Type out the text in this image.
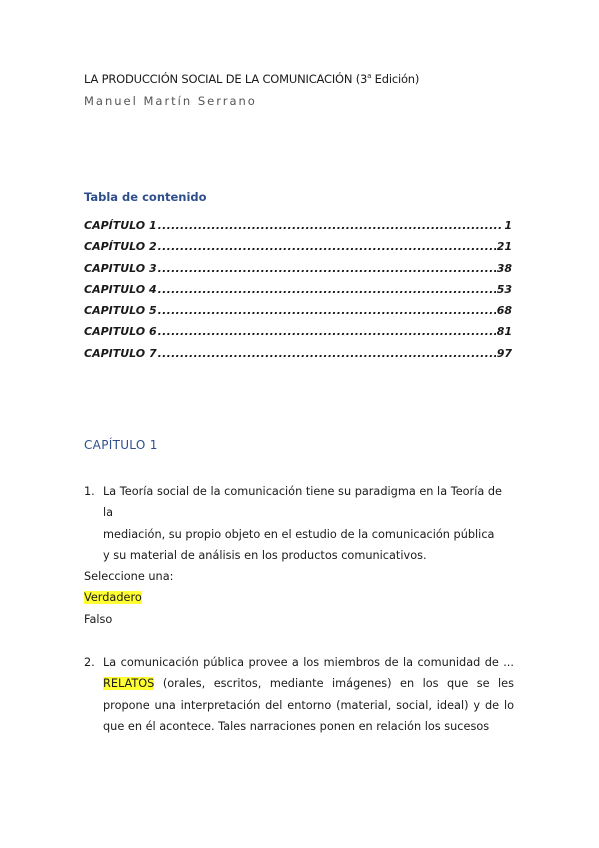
LA PRODUCCIÓN SOCIAL DE LA COMUNICACIÓN (3$^a$ Edición)
Manuel Martín Serrano
Tabla de contenido
CAPÍTULO 1 .....	1
CAPÍTULO 2 .....	21
CAPITULO 3 .....	38
CAPITULO 4 .....	53
CAPITULO 5 .....	68
CAPITULO 6 .....	81
CAPITULO 7 .....	97
CAPÍTULO 1
1. La Teoría social de la comunicación tiene su paradigma en la Teoría de la
mediación, su propio objeto en el estudio de la comunicación pública
y su material de análisis en los productos comunicativos.
Seleccione una:
Verdadero
Falso
2. La comunicación pública provee a los miembros de la comunidad de ... RELATOS (orales, escritos, mediante imágenes) en los que se les propone una interpretación del entorno (material, social, ideal) y de lo que en él acontece. Tales narraciones ponen en relación los sucesos
